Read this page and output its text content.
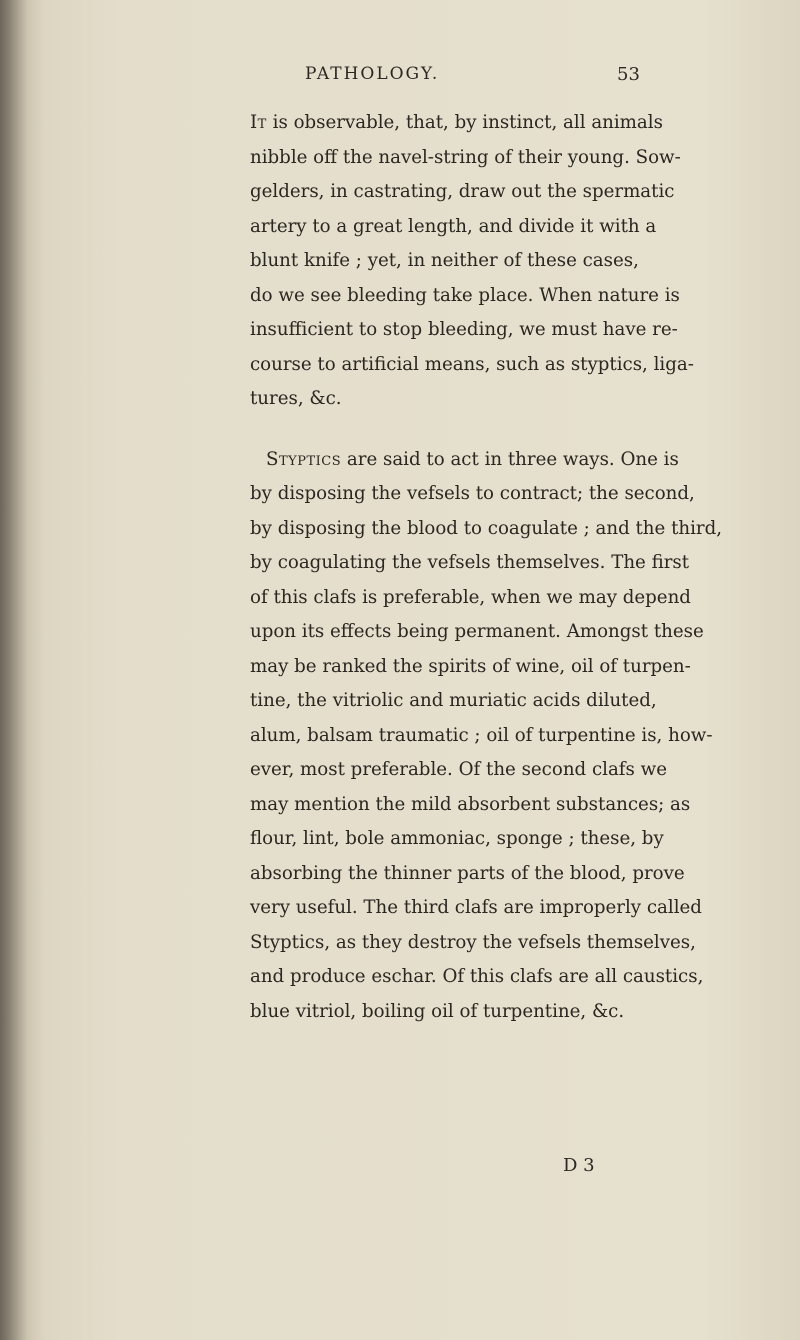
PATHOLOGY.	53
It is observable, that, by instinct, all animals
nibble off the navel-string of their young. Sow-
gelders, in castrating, draw out the spermatic
artery to a great length, and divide it with a
blunt knife ; yet, in neither of these cases,
do we see bleeding take place. When nature is
insufficient to stop bleeding, we must have re-
course to artificial means, such as styptics, liga-
tures, &c.
Styptics are said to act in three ways. One is
by disposing the vefsels to contract; the second,
by disposing the blood to coagulate ; and the third,
by coagulating the vefsels themselves. The first
of this clafs is preferable, when we may depend
upon its effects being permanent. Amongst these
may be ranked the spirits of wine, oil of turpen-
tine, the vitriolic and muriatic acids diluted,
alum, balsam traumatic ; oil of turpentine is, how-
ever, most preferable. Of the second clafs we
may mention the mild absorbent substances; as
flour, lint, bole ammoniac, sponge ; these, by
absorbing the thinner parts of the blood, prove
very useful. The third clafs are improperly called
Styptics, as they destroy the vefsels themselves,
and produce eschar. Of this clafs are all caustics,
blue vitriol, boiling oil of turpentine, &c.
D 3
